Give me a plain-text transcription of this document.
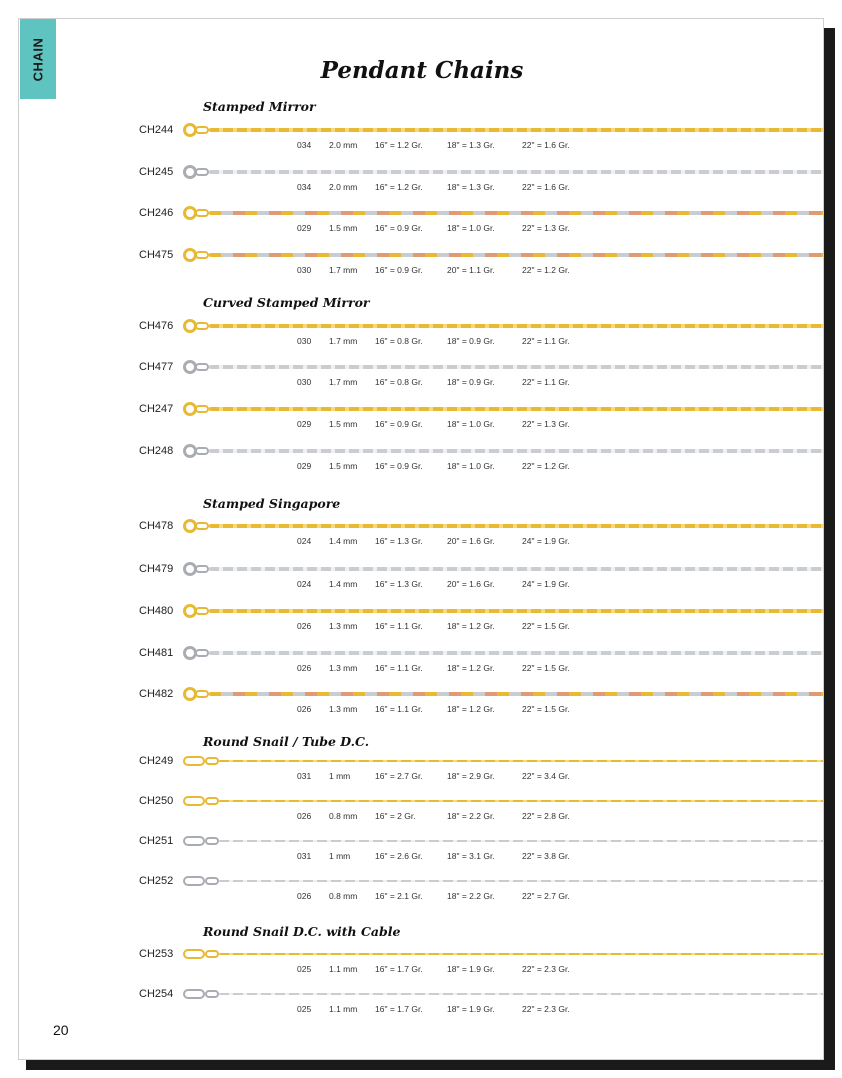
CHAIN	Pendant Chains
Stamped Mirror
CH244
034 2.0 mm 16" = 1.2 Gr.	18" = 1.3 Gr.	22" = 1.6 Gr.
CH245
034 2.0 mm 16" = 1.2 Gr.	18" = 1.3 Gr.	22" = 1.6 Gr.
CH246
029 1.5 mm 16" = 0.9 Gr.	18" = 1.0 Gr.	22" = 1.3 Gr.
CH475
030 1.7 mm 16" = 0.9 Gr.	20" = 1.1 Gr.	22" = 1.2 Gr.
Curved Stamped Mirror
CH476
030 1.7 mm 16" = 0.8 Gr.	18" = 0.9 Gr.	22" = 1.1 Gr.
CH477
030 1.7 mm 16" = 0.8 Gr.	18" = 0.9 Gr.	22" = 1.1 Gr.
CH247
029 1.5 mm 16" = 0.9 Gr.	18" = 1.0 Gr.	22" = 1.3 Gr.
CH248
029 1.5 mm 16" = 0.9 Gr.	18" = 1.0 Gr.	22" = 1.2 Gr.
Stamped Singapore
CH478
024 1.4 mm 16" = 1.3 Gr.	20" = 1.6 Gr.	24" = 1.9 Gr.
CH479
024 1.4 mm 16" = 1.3 Gr.	20" = 1.6 Gr.	24" = 1.9 Gr.
CH480
026 1.3 mm 16" = 1.1 Gr.	18" = 1.2 Gr.	22" = 1.5 Gr.
CH481
026 1.3 mm 16" = 1.1 Gr.	18" = 1.2 Gr.	22" = 1.5 Gr.
CH482
026 1.3 mm 16" = 1.1 Gr.	18" = 1.2 Gr.	22" = 1.5 Gr.
Round Snail / Tube D.C.
CH249
031 1 mm	16" = 2.7 Gr.	18" = 2.9 Gr.	22" = 3.4 Gr.
CH250
026 0.8 mm 16" = 2 Gr.	18" = 2.2 Gr.	22" = 2.8 Gr.
CH251
031 1 mm	16" = 2.6 Gr.	18" = 3.1 Gr.	22" = 3.8 Gr.
CH252
026 0.8 mm 16" = 2.1 Gr.	18" = 2.2 Gr.	22" = 2.7 Gr.
Round Snail D.C. with Cable
CH253
025 1.1 mm 16" = 1.7 Gr.	18" = 1.9 Gr.	22" = 2.3 Gr.
CH254
025 1.1 mm 16" = 1.7 Gr.	18" = 1.9 Gr.	22" = 2.3 Gr.
20
